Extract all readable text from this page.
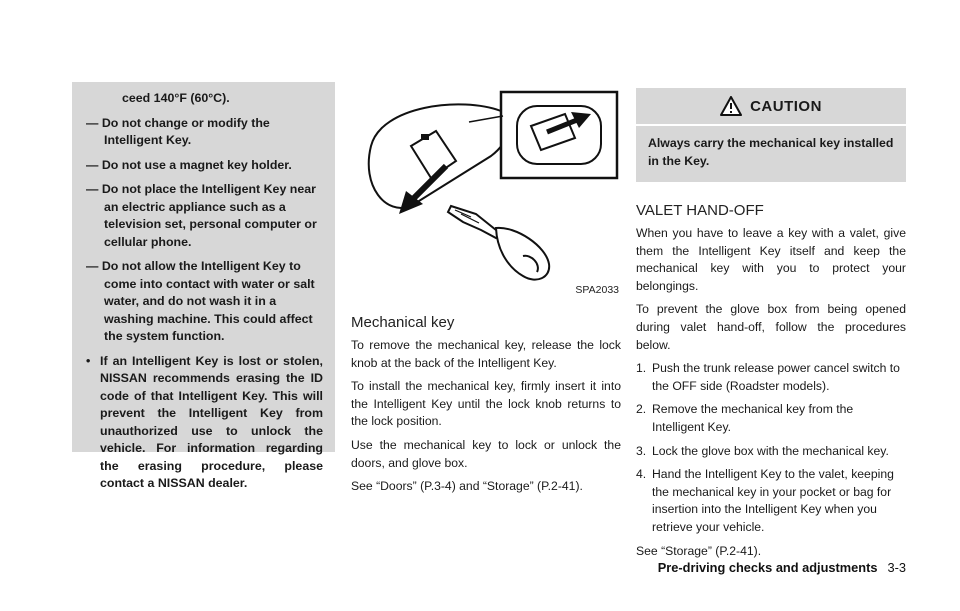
ceed 140°F (60°C).

— Do not change or modify the Intelligent Key.

— Do not use a magnet key holder.

— Do not place the Intelligent Key near an electric appliance such as a television set, personal computer or cellular phone.

— Do not allow the Intelligent Key to come into contact with water or salt water, and do not wash it in a washing machine. This could affect the system function.

• If an Intelligent Key is lost or stolen, NISSAN recommends erasing the ID code of that Intelligent Key. This will prevent the Intelligent Key from unauthorized use to unlock the vehicle. For information regarding the erasing procedure, please contact a NISSAN dealer.

SPA2033
Mechanical key

To remove the mechanical key, release the lock knob at the back of the Intelligent Key.

To install the mechanical key, firmly insert it into the Intelligent Key until the lock knob returns to the lock position.

Use the mechanical key to lock or unlock the doors, and glove box.

See “Doors” (P.3-4) and “Storage” (P.2-41).

CAUTION
Always carry the mechanical key installed in the Key.
VALET HAND-OFF

When you have to leave a key with a valet, give them the Intelligent Key itself and keep the mechanical key with you to protect your belongings.

To prevent the glove box from being opened during valet hand-off, follow the procedures below.

1. Push the trunk release power cancel switch to the OFF side (Roadster models).
2. Remove the mechanical key from the Intelligent Key.
3. Lock the glove box with the mechanical key.
4. Hand the Intelligent Key to the valet, keeping the mechanical key in your pocket or bag for insertion into the Intelligent Key when you retrieve your vehicle.

See “Storage” (P.2-41).

Pre-driving checks and adjustments 3-3
